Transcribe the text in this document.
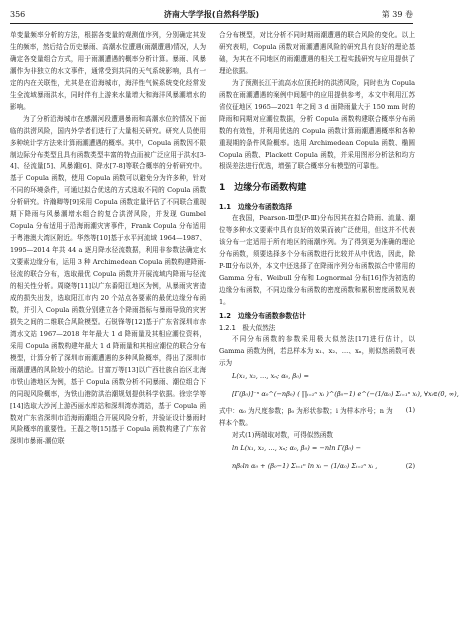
356	济南大学学报(自然科学版)	第 39 卷

单变量频率分析的方法，根据各变量的观测值序列，分别确定其发生的频率，然后结合历史暴雨、高潮水位遭遇(雨潮遭遇)情况，人为确定各变量组合方式，用于雨潮遭遇的概率分析计算。暴雨、风暴潮作为非独立的水文事件，通常受到共同的天气系统影响，具有一定的内在关联性，尤其是在沿海城市，海洋性气候系统变化经常发生全流域暴雨洪水，同时伴有上游来水量增大和海洋风暴潮增水的影响。

为了分析沿海城市在感潮河段遭遇暴雨和高潮水位的情况下面临的洪涝风险，国内外学者们进行了大量相关研究。研究人员使用多种统计学方法来计算雨潮遭遇的概率。其中，Copula 函数因不限制边际分布类型且具有函数类型丰富的特点而被广泛应用于洪水[3-4]、径流量[5]、风暴潮[6]、降水[7-8]等联合概率的分析研究中。基于 Copula 函数，使用 Copula 函数可以避免分为许多种，针对不同的环境条件，可通过拟合优选的方式选取不同的 Copula 函数分析研究。许瀚卿等[9]采用 Copula 函数定量评估了不同联合重现期下降雨与风暴潮增水组合的复合洪涝风险，并发现 Gumbel Copula 分布适用于沿海雨潮灾害事件，Frank Copula 分布适用于粤港澳大湾区附近。华然等[10]基于水平河流域 1964—1987、1995—2014 年共 44 a 逐月降水径流数据，利用非参数法确定水文要素边缘分布，运用 3 种 Archimedean Copula 函数构建降雨-径流的联合分布，选取最优 Copula 函数并开展流域内降雨与径流的相关性分析。周晓等[11]以广东番阳江地区为例，从暴雨灾害造成的损失出发，选取阳江市内 20 个站点各要素的最优边缘分布函数，并引入 Copula 函数分别建立各个降雨指标与暴雨导致的灾害损失之间的二维联合风险模型。石锐锋等[12]基于广东省深圳市赤湾水文站 1967—2018 年年最大 1 d 降雨量及其相应潮位资料，采用 Copula 函数构建年最大 1 d 降雨量和其相应潮位的联合分布模型，计算分析了深圳市雨潮遭遇的多种风险概率，得出了深圳市雨潮遭遇的风险较小的结论。甘富万等[13]以广西壮族自治区北海市铁山港地区为例，基于 Copula 函数分析不同暴雨、潮位组合下的同现风险概率，为铁山港防洪治潮规划提供科学依据。徐宗学等[14]选取大沙河上游西丽水库站和深圳湾赤湾站，基于 Copula 函数对广东省深圳市沿海雨潮组合开展风险分析，并验证设计暴雨时风险概率的重要性。王磊之等[15]基于 Copula 函数构建了广东省深圳市暴雨-潮位联

合分布模型，对比分析不同时期雨潮遭遇的联合风险的变化。以上研究表明，Copula 函数对雨潮遭遇风险的研究具有良好的理论基础，为其在不同地区的雨潮遭遇的相关工程实践研究与应用提供了理论依据。

为了预测长江干流高水位顶托时的洪涝风险，同时也为 Copula 函数在雨潮遭遇的案例中间题中的应用提供参考，本文中利用江苏省仪征地区 1965—2021 年之间 3 d 面降雨量大于 150 mm 时的降雨和同期对应潮位数据，分析 Copula 函数构建联合概率分布函数的有效性，并利用优选的 Copula 函数计算雨潮遭遇概率和各种重现期的条件风险概率。选用 Archimedean Copula 函数、椭圆 Copula 函数、Plackett Copula 函数，并采用图形分析法和均方根误差法进行优选，增强了联合概率分布模型的可靠性。

1　边缘分布函数构建
1.1　边缘分布函数选择

在我国，Pearson-Ⅲ型(P-Ⅲ)分布因其在拟合降雨、流量、潮位等多种水文要素中具有良好的效果而被广泛使用，但这并不代表该分布一定适用于所有地区的雨潮序列。为了得到更为准确的理论分布函数，须要选择多个分布函数进行比较并从中优选，因此，除 P-Ⅲ分布以外，本文中还选择了在降雨序列分布函数拟合中常用的 Gamma 分布、Weibull 分布和 Lognormal 分布[16]作为初选的边缘分布函数，不同边缘分布函数的密度函数和累积密度函数见表 1。

1.2　边缘分布函数参数估计
1.2.1　极大似然法

不同分布函数的参数采用极大似然法[17]进行估计，以 Gamma 函数为例，若总样本为 x₁、x₂、…、xₙ，则似然函数可表示为

L(x₁, x₂, …, xₙ; α₀, β₀) =

[Γ(β₀)]⁻ⁿ α₀^(−nβ₀) ( ∏ᵢ₌₁ⁿ xᵢ )^(β₀−1) e^(−(1/α₀) Σᵢ₌₁ⁿ xᵢ), ∀xᵢ∈(0, ∞),
(1)

式中：α₀ 为尺度参数；β₀ 为形状参数；i 为样本序号；n 为样本个数。

对式(1)两端取对数，可得似然函数

ln L(x₁, x₂, …, xₙ; α₀, β₀) = −nln Γ(β₀) −

nβ₀ln α₀ + (β₀−1) Σᵢ₌₁ⁿ ln xᵢ − (1/α₀) Σᵢ₌₁ⁿ xᵢ ,	(2)
